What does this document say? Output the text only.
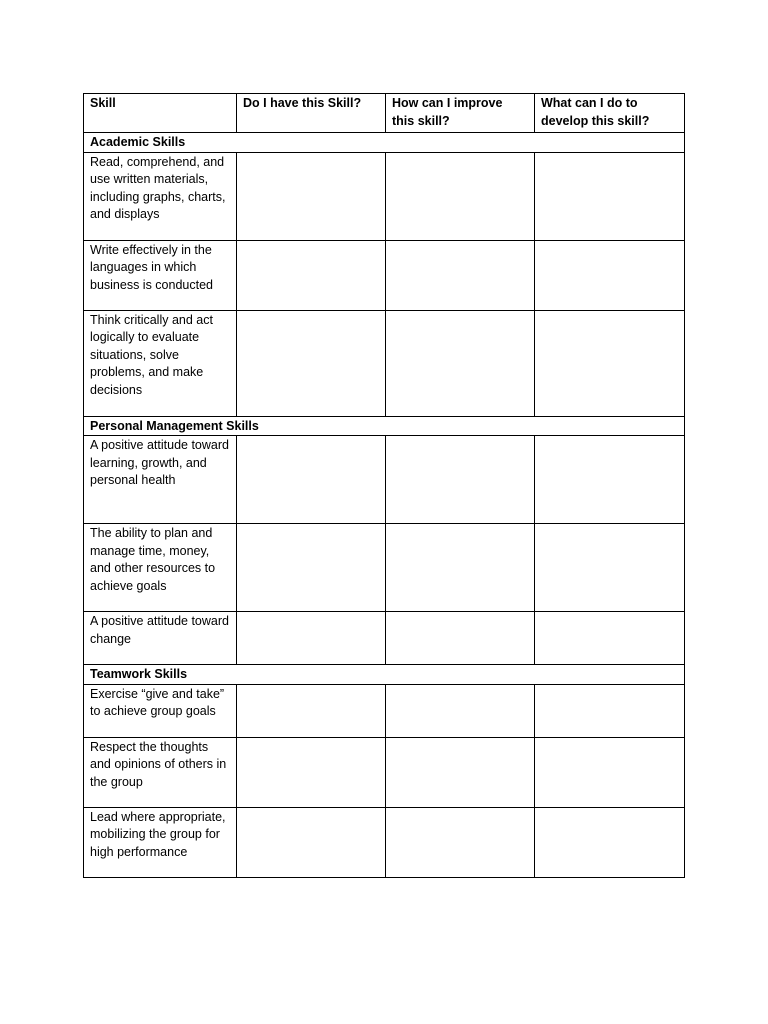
Skill	Do I have this Skill?	How can I improve this skill?	What can I do to develop this skill?
Academic Skills			
Read, comprehend, and use written materials, including graphs, charts, and displays			
Write effectively in the languages in which business is conducted			
Think critically and act logically to evaluate situations, solve problems, and make decisions			
Personal Management Skills			
A positive attitude toward learning, growth, and personal health			
The ability to plan and manage time, money, and other resources to achieve goals			
A positive attitude toward change			
Teamwork Skills			
Exercise “give and take” to achieve group goals			
Respect the thoughts and opinions of others in the group			
Lead where appropriate, mobilizing the group for high performance			
